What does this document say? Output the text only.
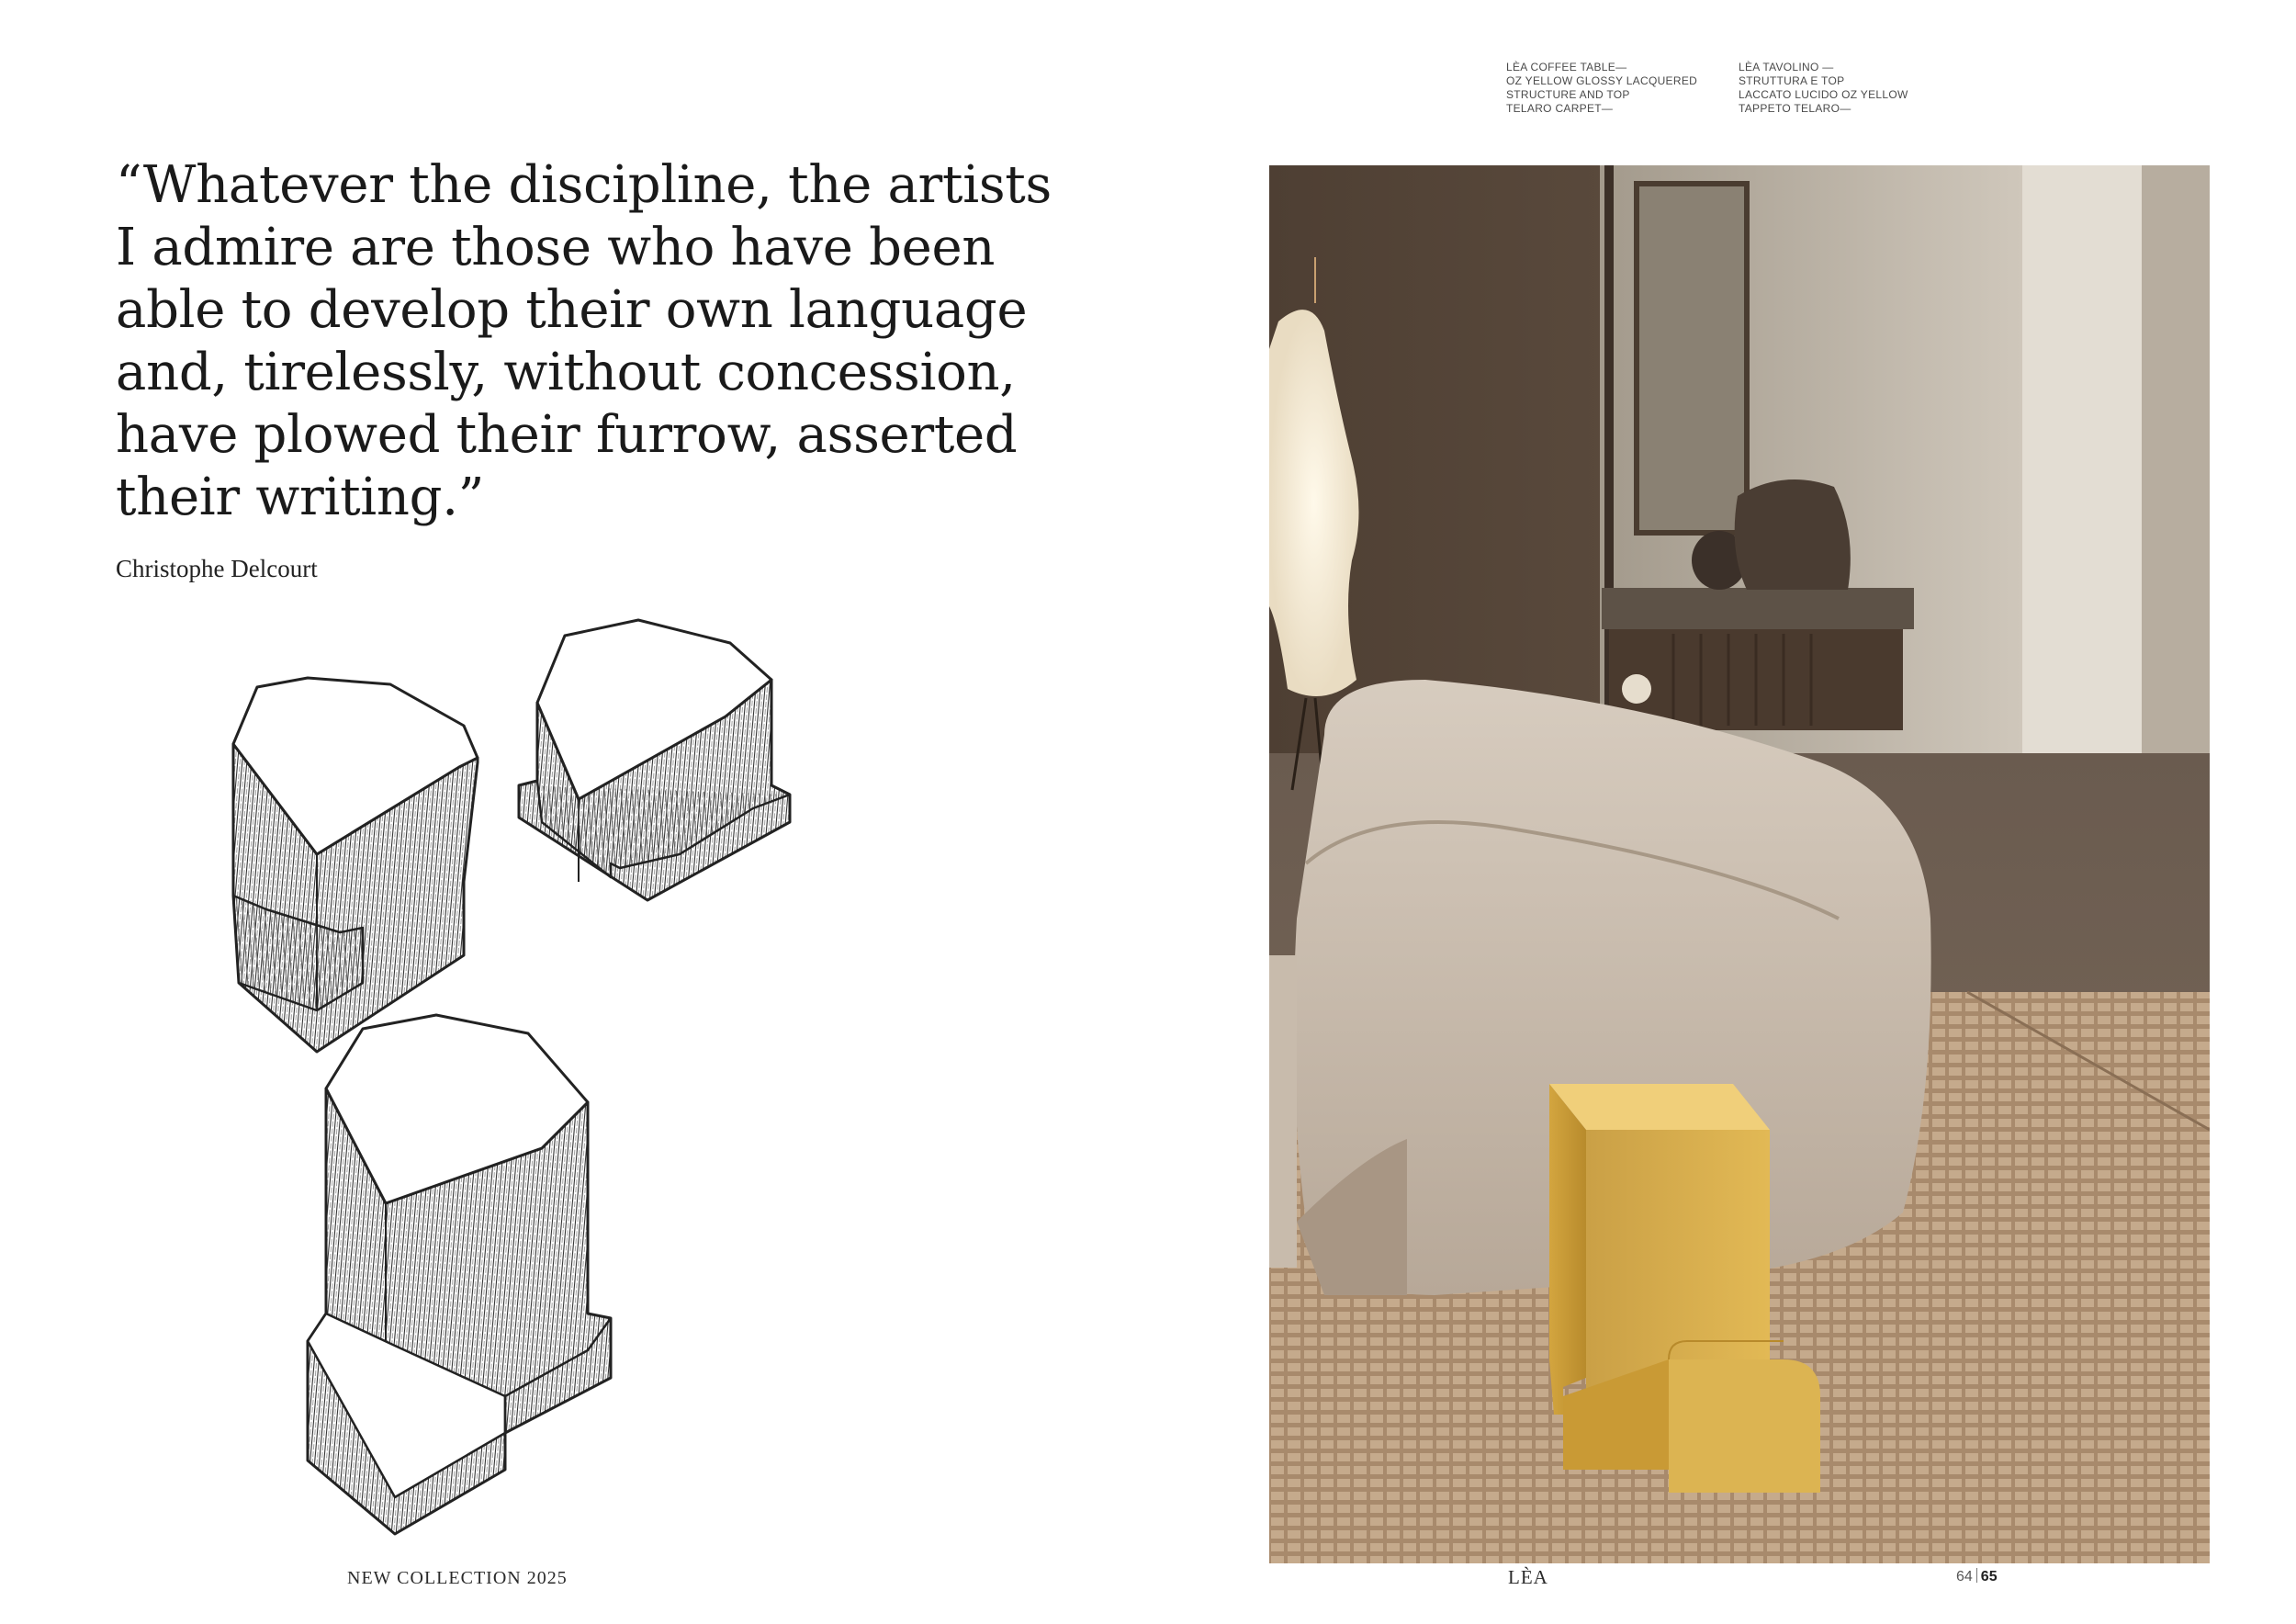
“Whatever the discipline, the artists
I admire are those who have been
able to develop their own language
and, tirelessly, without concession,
have plowed their furrow, asserted
their writing.”
Christophe Delcourt
NEW COLLECTION 2025
LÈA COFFEE TABLE—
OZ YELLOW GLOSSY LACQUERED
STRUCTURE AND TOP
TELARO CARPET—
LÈA TAVOLINO —
STRUTTURA E TOP
LACCATO LUCIDO OZ YELLOW
TAPPETO TELARO—
LÈA	64 65
